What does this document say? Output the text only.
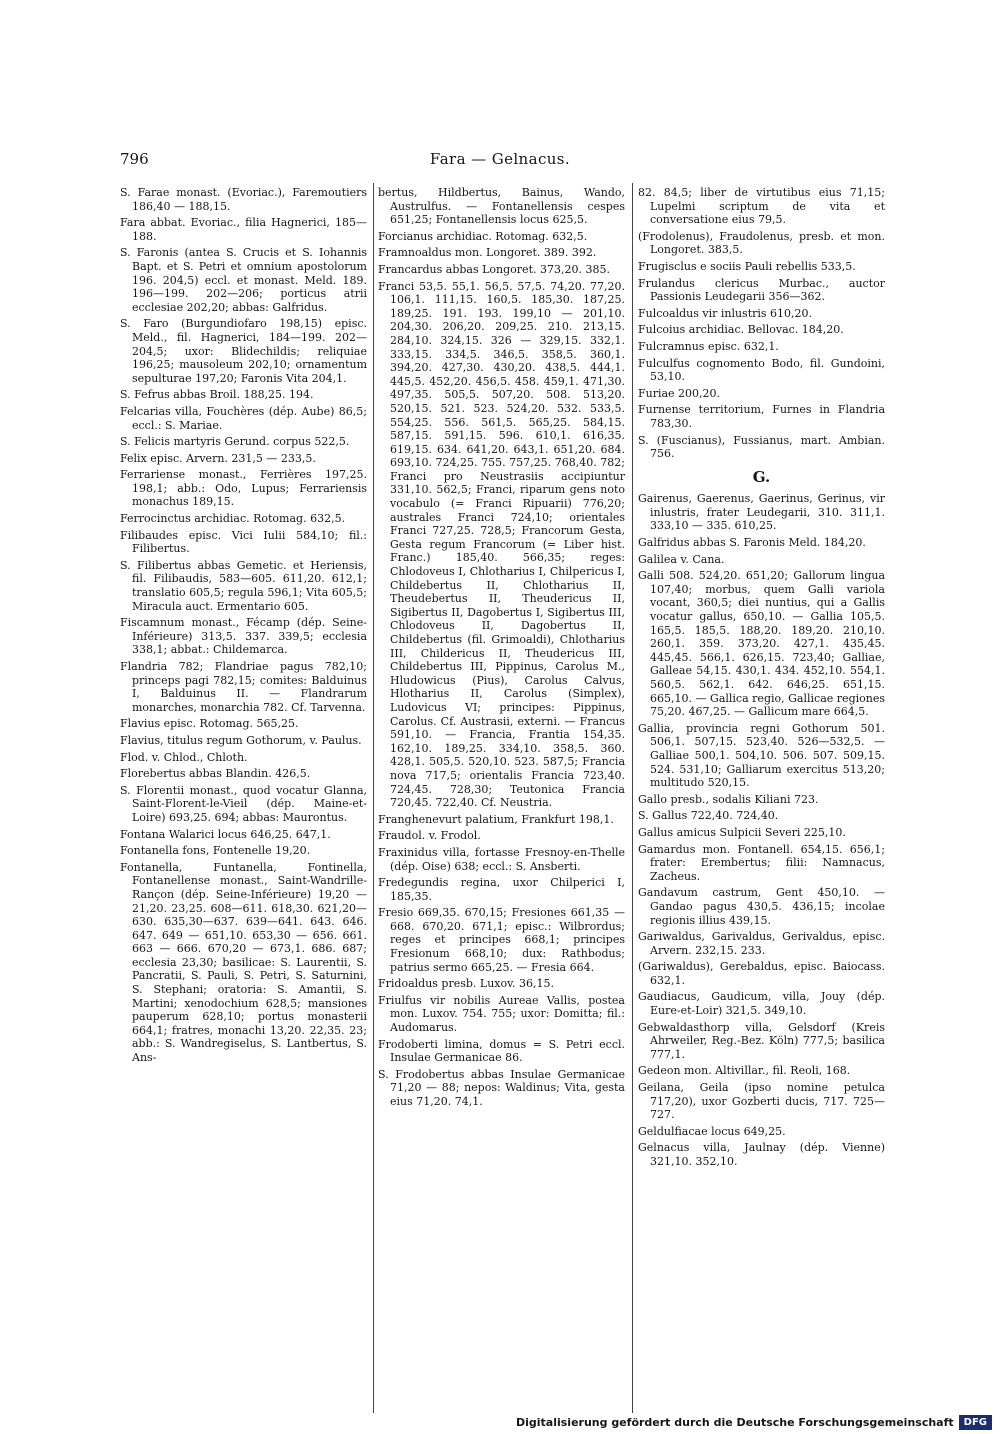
796	Fara — Gelnacus.
S. Farae monast. (Evoriac.), Faremoutiers 186,40 — 188,15.
Fara abbat. Evoriac., filia Hagnerici, 185—188.
S. Faronis (antea S. Crucis et S. Iohannis Bapt. et S. Petri et omnium apostolorum 196. 204,5) eccl. et monast. Meld. 189. 196—199. 202—206; porticus atrii ecclesiae 202,20; abbas: Galfridus.
S. Faro (Burgundiofaro 198,15) episc. Meld., fil. Hagnerici, 184—199. 202—204,5; uxor: Blidechildis; reliquiae 196,25; mausoleum 202,10; ornamentum sepulturae 197,20; Faronis Vita 204,1.
S. Fefrus abbas Broil. 188,25. 194.
Felcarias villa, Fouchères (dép. Aube) 86,5; eccl.: S. Mariae.
S. Felicis martyris Gerund. corpus 522,5.
Felix episc. Arvern. 231,5 — 233,5.
Ferrariense monast., Ferrières 197,25. 198,1; abb.: Odo, Lupus; Ferrariensis monachus 189,15.
Ferrocinctus archidiac. Rotomag. 632,5.
Filibaudes episc. Vici Iulii 584,10; fil.: Filibertus.
S. Filibertus abbas Gemetic. et Heriensis, fil. Filibaudis, 583—605. 611,20. 612,1; translatio 605,5; regula 596,1; Vita 605,5; Miracula auct. Ermentario 605.
Fiscamnum monast., Fécamp (dép. Seine-Inférieure) 313,5. 337. 339,5; ecclesia 338,1; abbat.: Childemarca.
Flandria 782; Flandriae pagus 782,10; princeps pagi 782,15; comites: Balduinus I, Balduinus II. — Flandrarum monarches, monarchia 782. Cf. Tarvenna.
Flavius episc. Rotomag. 565,25.
Flavius, titulus regum Gothorum, v. Paulus.
Flod. v. Chlod., Chloth.
Florebertus abbas Blandin. 426,5.
S. Florentii monast., quod vocatur Glanna, Saint-Florent-le-Vieil (dép. Maine-et-Loire) 693,25. 694; abbas: Maurontus.
Fontana Walarici locus 646,25. 647,1.
Fontanella fons, Fontenelle 19,20.
Fontanella, Funtanella, Fontinella, Fontanellense monast., Saint-Wandrille-Rançon (dép. Seine-Inférieure) 19,20 — 21,20. 23,25. 608—611. 618,30. 621,20—630. 635,30—637. 639—641. 643. 646. 647. 649 — 651,10. 653,30 — 656. 661. 663 — 666. 670,20 — 673,1. 686. 687; ecclesia 23,30; basilicae: S. Laurentii, S. Pancratii, S. Pauli, S. Petri, S. Saturnini, S. Stephani; oratoria: S. Amantii, S. Martini; xenodochium 628,5; mansiones pauperum 628,10; portus monasterii 664,1; fratres, monachi 13,20. 22,35. 23; abb.: S. Wandregiselus, S. Lantbertus, S. Ans-
bertus, Hildbertus, Bainus, Wando, Austrulfus. — Fontanellensis cespes 651,25; Fontanellensis locus 625,5.
Forcianus archidiac. Rotomag. 632,5.
Framnoaldus mon. Longoret. 389. 392.
Francardus abbas Longoret. 373,20. 385.
Franci 53,5. 55,1. 56,5. 57,5. 74,20. 77,20. 106,1. 111,15. 160,5. 185,30. 187,25. 189,25. 191. 193. 199,10 — 201,10. 204,30. 206,20. 209,25. 210. 213,15. 284,10. 324,15. 326 — 329,15. 332,1. 333,15. 334,5. 346,5. 358,5. 360,1. 394,20. 427,30. 430,20. 438,5. 444,1. 445,5. 452,20. 456,5. 458. 459,1. 471,30. 497,35. 505,5. 507,20. 508. 513,20. 520,15. 521. 523. 524,20. 532. 533,5. 554,25. 556. 561,5. 565,25. 584,15. 587,15. 591,15. 596. 610,1. 616,35. 619,15. 634. 641,20. 643,1. 651,20. 684. 693,10. 724,25. 755. 757,25. 768,40. 782; Franci pro Neustrasiis accipiuntur 331,10. 562,5; Franci, riparum gens noto vocabulo (= Franci Ripuarii) 776,20; australes Franci 724,10; orientales Franci 727,25. 728,5; Francorum Gesta, Gesta regum Francorum (= Liber hist. Franc.) 185,40. 566,35; reges: Chlodoveus I, Chlotharius I, Chilpericus I, Childebertus II, Chlotharius II, Theudebertus II, Theudericus II, Sigibertus II, Dagobertus I, Sigibertus III, Chlodoveus II, Dagobertus II, Childebertus (fil. Grimoaldi), Chlotharius III, Childericus II, Theudericus III, Childebertus III, Pippinus, Carolus M., Hludowicus (Pius), Carolus Calvus, Hlotharius II, Carolus (Simplex), Ludovicus VI; principes: Pippinus, Carolus. Cf. Austrasii, externi. — Francus 591,10. — Francia, Frantia 154,35. 162,10. 189,25. 334,10. 358,5. 360. 428,1. 505,5. 520,10. 523. 587,5; Francia nova 717,5; orientalis Francia 723,40. 724,45. 728,30; Teutonica Francia 720,45. 722,40. Cf. Neustria.
Franghenevurt palatium, Frankfurt 198,1.
Fraudol. v. Frodol.
Fraxinidus villa, fortasse Fresnoy-en-Thelle (dép. Oise) 638; eccl.: S. Ansberti.
Fredegundis regina, uxor Chilperici I, 185,35.
Fresio 669,35. 670,15; Fresiones 661,35 —668. 670,20. 671,1; episc.: Wilbrordus; reges et principes 668,1; principes Fresionum 668,10; dux: Rathbodus; patrius sermo 665,25. — Fresia 664.
Fridoaldus presb. Luxov. 36,15.
Friulfus vir nobilis Aureae Vallis, postea mon. Luxov. 754. 755; uxor: Domitta; fil.: Audomarus.
Frodoberti limina, domus = S. Petri eccl. Insulae Germanicae 86.
S. Frodobertus abbas Insulae Germanicae 71,20 — 88; nepos: Waldinus; Vita, gesta eius 71,20. 74,1.
82. 84,5; liber de virtutibus eius 71,15; Lupelmi scriptum de vita et conversatione eius 79,5.
(Frodolenus), Fraudolenus, presb. et mon. Longoret. 383,5.
Frugisclus e sociis Pauli rebellis 533,5.
Frulandus clericus Murbac., auctor Passionis Leudegarii 356—362.
Fulcoaldus vir inlustris 610,20.
Fulcoius archidiac. Bellovac. 184,20.
Fulcramnus episc. 632,1.
Fulculfus cognomento Bodo, fil. Gundoini, 53,10.
Furiae 200,20.
Furnense territorium, Furnes in Flandria 783,30.
S. (Fuscianus), Fussianus, mart. Ambian. 756.
G.
Gairenus, Gaerenus, Gaerinus, Gerinus, vir inlustris, frater Leudegarii, 310. 311,1. 333,10 — 335. 610,25.
Galfridus abbas S. Faronis Meld. 184,20.
Galilea v. Cana.
Galli 508. 524,20. 651,20; Gallorum lingua 107,40; morbus, quem Galli variola vocant, 360,5; diei nuntius, qui a Gallis vocatur gallus, 650,10. — Gallia 105,5. 165,5. 185,5. 188,20. 189,20. 210,10. 260,1. 359. 373,20. 427,1. 435,45. 445,45. 566,1. 626,15. 723,40; Galliae, Galleae 54,15. 430,1. 434. 452,10. 554,1. 560,5. 562,1. 642. 646,25. 651,15. 665,10. — Gallica regio, Gallicae regiones 75,20. 467,25. — Gallicum mare 664,5.
Gallia, provincia regni Gothorum 501. 506,1. 507,15. 523,40. 526—532,5. — Galliae 500,1. 504,10. 506. 507. 509,15. 524. 531,10; Galliarum exercitus 513,20; multitudo 520,15.
Gallo presb., sodalis Kiliani 723.
S. Gallus 722,40. 724,40.
Gallus amicus Sulpicii Severi 225,10.
Gamardus mon. Fontanell. 654,15. 656,1; frater: Erembertus; filii: Namnacus, Zacheus.
Gandavum castrum, Gent 450,10. — Gandao pagus 430,5. 436,15; incolae regionis illius 439,15.
Gariwaldus, Garivaldus, Gerivaldus, episc. Arvern. 232,15. 233.
(Gariwaldus), Gerebaldus, episc. Baiocass. 632,1.
Gaudiacus, Gaudicum, villa, Jouy (dép. Eure-et-Loir) 321,5. 349,10.
Gebwaldasthorp villa, Gelsdorf (Kreis Ahrweiler, Reg.-Bez. Köln) 777,5; basilica 777,1.
Gedeon mon. Altivillar., fil. Reoli, 168.
Geilana, Geila (ipso nomine petulca 717,20), uxor Gozberti ducis, 717. 725—727.
Geldulfiacae locus 649,25.
Gelnacus villa, Jaulnay (dép. Vienne) 321,10. 352,10.
Digitalisierung gefördert durch die Deutsche Forschungsgemeinschaft	DFG
